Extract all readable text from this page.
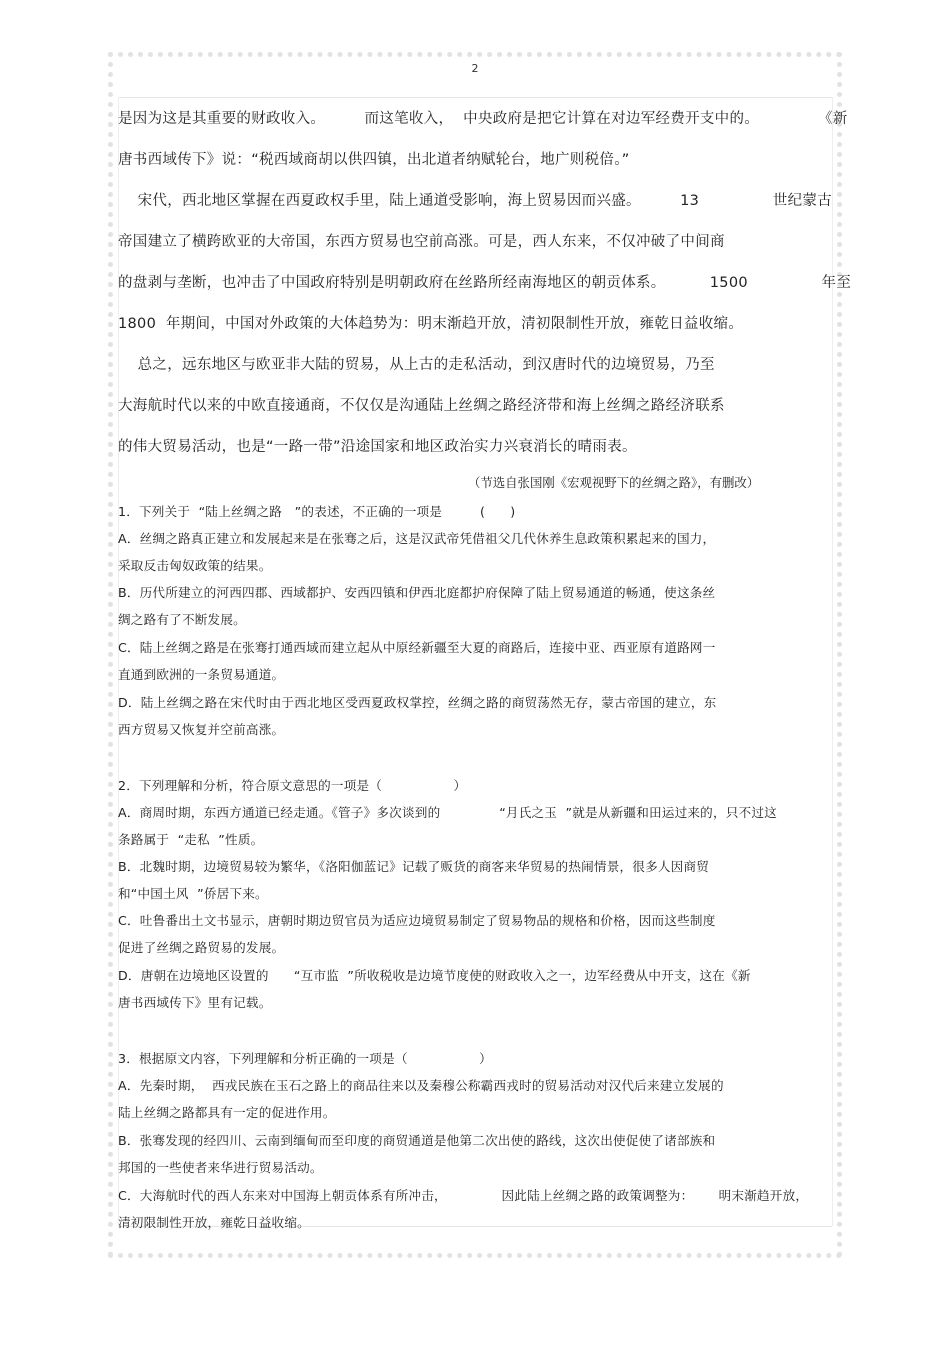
2
是因为这是其重要的财政收入。        而这笔收入，  中央政府是把它计算在对边军经费开支中的。            《新
唐书西域传下》说：“税西域商胡以供四镇，出北道者纳赋轮台，地广则税倍。”
宋代，西北地区掌握在西夏政权手里，陆上通道受影响，海上贸易因而兴盛。        13               世纪蒙古
帝国建立了横跨欧亚的大帝国，东西方贸易也空前高涨。可是，西人东来，不仅冲破了中间商
的盘剥与垄断，也冲击了中国政府特别是明朝政府在丝路所经南海地区的朝贡体系。         1500               年至
1800  年期间，中国对外政策的大体趋势为：明末渐趋开放，清初限制性开放，雍乾日益收缩。
总之，远东地区与欧亚非大陆的贸易，从上古的走私活动，到汉唐时代的边境贸易，乃至
大海航时代以来的中欧直接通商，不仅仅是沟通陆上丝绸之路经济带和海上丝绸之路经济联系
的伟大贸易活动，也是“一路一带”沿途国家和地区政治实力兴衰消长的晴雨表。
（节选自张国刚《宏观视野下的丝绸之路》，有删改）
1．下列关于  “陆上丝绸之路   ”的表述，不正确的一项是         (      )
A．丝绸之路真正建立和发展起来是在张骞之后，这是汉武帝凭借祖父几代休养生息政策积累起来的国力，
采取反击匈奴政策的结果。
B．历代所建立的河西四郡、西域都护、安西四镇和伊西北庭都护府保障了陆上贸易通道的畅通，使这条丝
绸之路有了不断发展。
C．陆上丝绸之路是在张骞打通西域而建立起从中原经新疆至大夏的商路后，连接中亚、西亚原有道路网一
直通到欧洲的一条贸易通道。
D．陆上丝绸之路在宋代时由于西北地区受西夏政权掌控，丝绸之路的商贸荡然无存，蒙古帝国的建立，东
西方贸易又恢复并空前高涨。
2．下列理解和分析，符合原文意思的一项是（                 ）
A．商周时期，东西方通道已经走通。《管子》多次谈到的              “月氏之玉  ”就是从新疆和田运过来的，只不过这
条路属于  “走私  ”性质。
B．北魏时期，边境贸易较为繁华，《洛阳伽蓝记》记载了贩货的商客来华贸易的热闹情景，很多人因商贸
和“中国土风  ”侨居下来。
C．吐鲁番出土文书显示，唐朝时期边贸官员为适应边境贸易制定了贸易物品的规格和价格，因而这些制度
促进了丝绸之路贸易的发展。
D．唐朝在边境地区设置的      “互市监  ”所收税收是边境节度使的财政收入之一，边军经费从中开支，这在《新
唐书西域传下》里有记载。
3．根据原文内容，下列理解和分析正确的一项是（                 ）
A．先秦时期，  西戎民族在玉石之路上的商品往来以及秦穆公称霸西戎时的贸易活动对汉代后来建立发展的
陆上丝绸之路都具有一定的促进作用。
B．张骞发现的经四川、云南到缅甸而至印度的商贸通道是他第二次出使的路线，这次出使促使了诸部族和
邦国的一些使者来华进行贸易活动。
C．大海航时代的西人东来对中国海上朝贡体系有所冲击，             因此陆上丝绸之路的政策调整为：      明末渐趋开放，
清初限制性开放，雍乾日益收缩。
